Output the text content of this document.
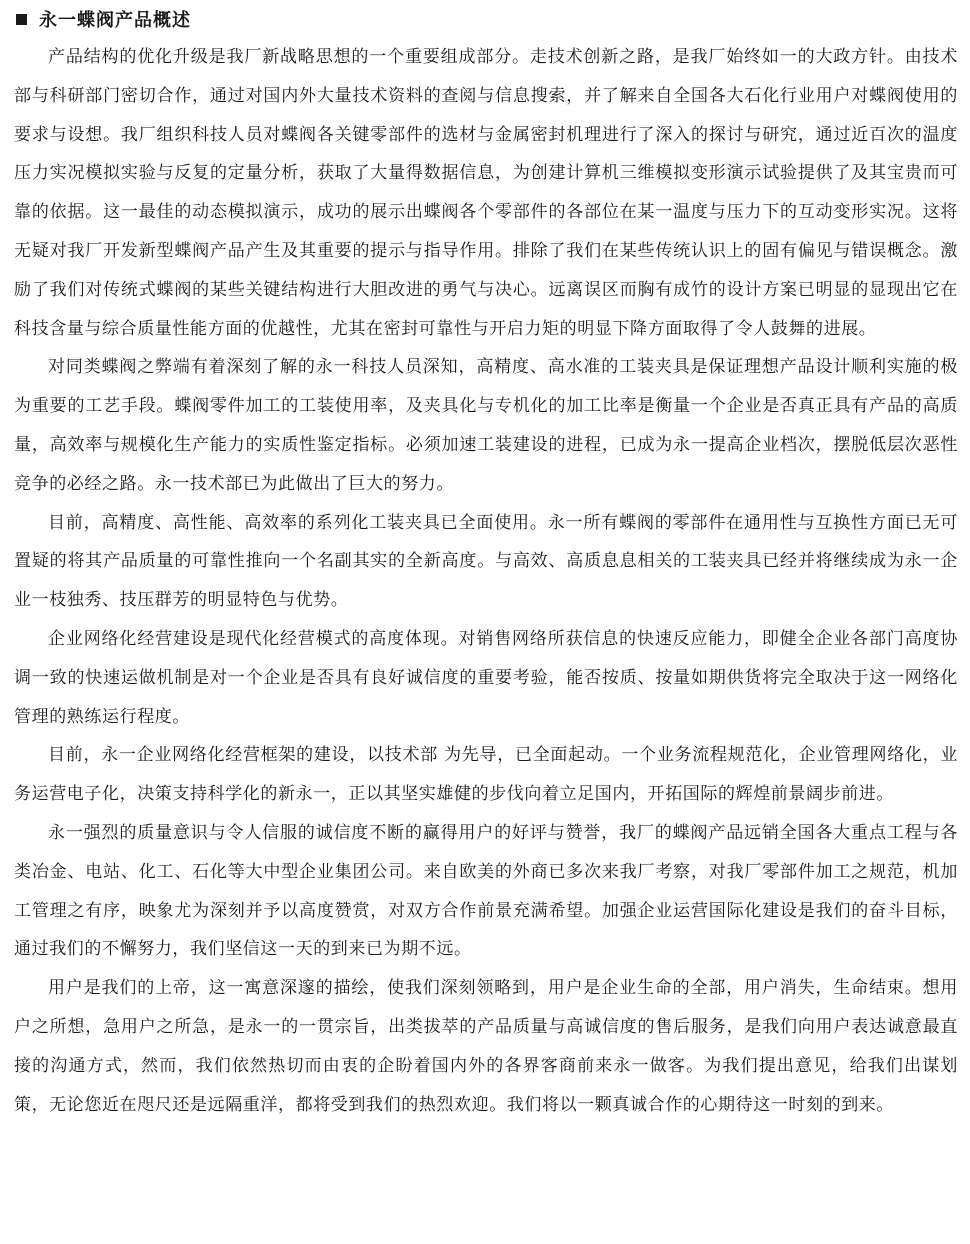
永一蝶阀产品概述

产品结构的优化升级是我厂新战略思想的一个重要组成部分。走技术创新之路，是我厂始终如一的大政方针。由技术部与科研部门密切合作，通过对国内外大量技术资料的查阅与信息搜索，并了解来自全国各大石化行业用户对蝶阀使用的要求与设想。我厂组织科技人员对蝶阀各关键零部件的选材与金属密封机理进行了深入的探讨与研究，通过近百次的温度压力实况模拟实验与反复的定量分析，获取了大量得数据信息，为创建计算机三维模拟变形演示试验提供了及其宝贵而可靠的依据。这一最佳的动态模拟演示，成功的展示出蝶阀各个零部件的各部位在某一温度与压力下的互动变形实况。这将无疑对我厂开发新型蝶阀产品产生及其重要的提示与指导作用。排除了我们在某些传统认识上的固有偏见与错误概念。激励了我们对传统式蝶阀的某些关键结构进行大胆改进的勇气与决心。远离误区而胸有成竹的设计方案已明显的显现出它在科技含量与综合质量性能方面的优越性，尤其在密封可靠性与开启力矩的明显下降方面取得了令人鼓舞的进展。

对同类蝶阀之弊端有着深刻了解的永一科技人员深知，高精度、高水准的工装夹具是保证理想产品设计顺利实施的极为重要的工艺手段。蝶阀零件加工的工装使用率，及夹具化与专机化的加工比率是衡量一个企业是否真正具有产品的高质量，高效率与规模化生产能力的实质性鉴定指标。必须加速工装建设的进程，已成为永一提高企业档次，摆脱低层次恶性竞争的必经之路。永一技术部已为此做出了巨大的努力。

目前，高精度、高性能、高效率的系列化工装夹具已全面使用。永一所有蝶阀的零部件在通用性与互换性方面已无可置疑的将其产品质量的可靠性推向一个名副其实的全新高度。与高效、高质息息相关的工装夹具已经并将继续成为永一企业一枝独秀、技压群芳的明显特色与优势。

企业网络化经营建设是现代化经营模式的高度体现。对销售网络所获信息的快速反应能力，即健全企业各部门高度协调一致的快速运做机制是对一个企业是否具有良好诚信度的重要考验，能否按质、按量如期供货将完全取决于这一网络化管理的熟练运行程度。

目前，永一企业网络化经营框架的建设，以技术部 为先导，已全面起动。一个业务流程规范化，企业管理网络化，业务运营电子化，决策支持科学化的新永一，正以其坚实雄健的步伐向着立足国内，开拓国际的辉煌前景阔步前进。

永一强烈的质量意识与令人信服的诚信度不断的赢得用户的好评与赞誉，我厂的蝶阀产品远销全国各大重点工程与各类冶金、电站、化工、石化等大中型企业集团公司。来自欧美的外商已多次来我厂考察，对我厂零部件加工之规范，机加工管理之有序，映象尤为深刻并予以高度赞赏，对双方合作前景充满希望。加强企业运营国际化建设是我们的奋斗目标，通过我们的不懈努力，我们坚信这一天的到来已为期不远。

用户是我们的上帝，这一寓意深邃的描绘，使我们深刻领略到，用户是企业生命的全部，用户消失，生命结束。想用户之所想，急用户之所急，是永一的一贯宗旨，出类拔萃的产品质量与高诚信度的售后服务，是我们向用户表达诚意最直接的沟通方式，然而，我们依然热切而由衷的企盼着国内外的各界客商前来永一做客。为我们提出意见，给我们出谋划策，无论您近在咫尺还是远隔重洋，都将受到我们的热烈欢迎。我们将以一颗真诚合作的心期待这一时刻的到来。
